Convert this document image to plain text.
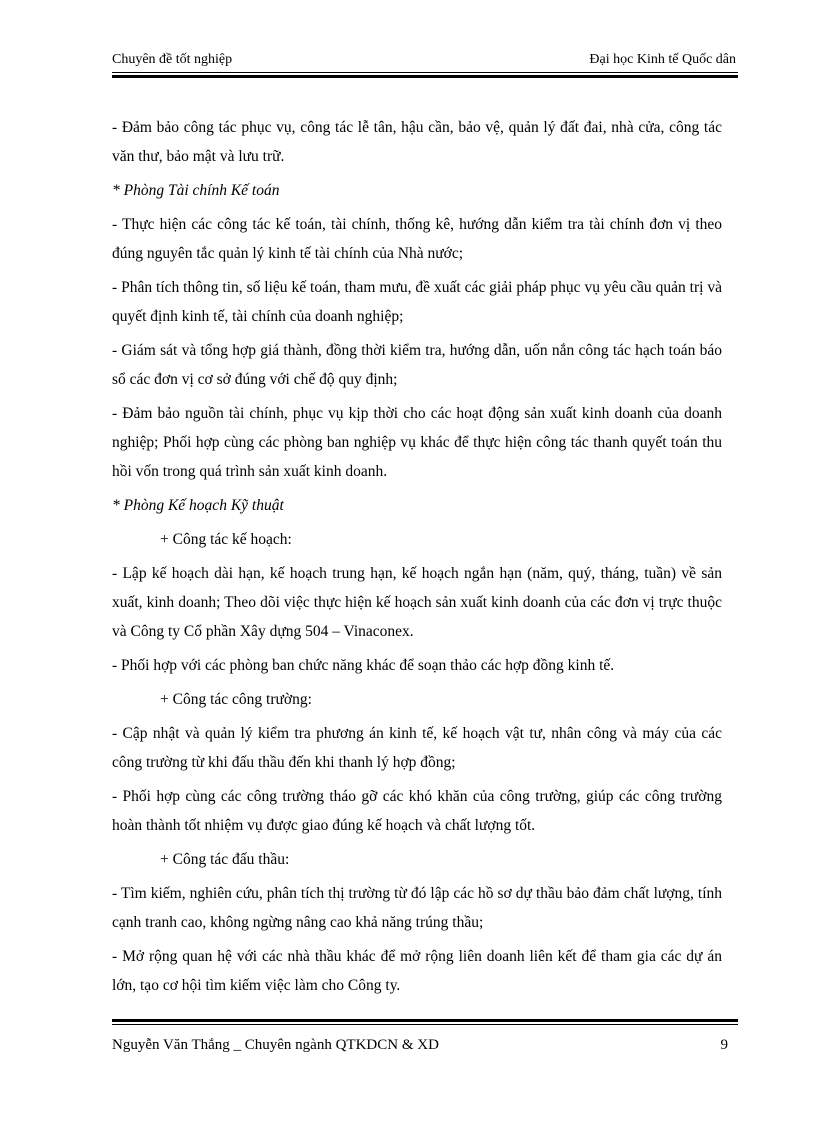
Chuyên đề tốt nghiệp	Đại học Kinh tế Quốc dân

- Đảm bảo công tác phục vụ, công tác lễ tân, hậu cần, bảo vệ, quản lý đất đai, nhà cửa, công tác văn thư, bảo mật và lưu trữ.

* Phòng Tài chính Kế toán

- Thực hiện các công tác kế toán, tài chính, thống kê, hướng dẫn kiểm tra tài chính đơn vị theo đúng nguyên tắc quản lý kinh tế tài chính của Nhà nước;

- Phân tích thông tin, số liệu kế toán, tham mưu, đề xuất các giải pháp phục vụ yêu cầu quản trị và quyết định kinh tế, tài chính của doanh nghiệp;

- Giám sát và tổng hợp giá thành, đồng thời kiểm tra, hướng dẫn, uốn nắn công tác hạch toán báo sổ các đơn vị cơ sở đúng với chế độ quy định;

- Đảm bảo nguồn tài chính, phục vụ kịp thời cho các hoạt động sản xuất kinh doanh của doanh nghiệp; Phối hợp cùng các phòng ban nghiệp vụ khác để thực hiện công tác thanh quyết toán thu hồi vốn trong quá trình sản xuất kinh doanh.

* Phòng Kế hoạch Kỹ thuật

+ Công tác kế hoạch:

- Lập kế hoạch dài hạn, kế hoạch trung hạn, kế hoạch ngắn hạn (năm, quý, tháng, tuần) về sản xuất, kinh doanh; Theo dõi việc thực hiện kế hoạch sản xuất kinh doanh của các đơn vị trực thuộc và Công ty Cổ phần Xây dựng 504 – Vinaconex.

- Phối hợp với các phòng ban chức năng khác để soạn thảo các hợp đồng kinh tế.

+ Công tác công trường:

- Cập nhật và quản lý kiểm tra phương án kinh tế, kế hoạch vật tư, nhân công và máy của các công trường từ khi đấu thầu đến khi thanh lý hợp đồng;

- Phối hợp cùng các công trường tháo gỡ các khó khăn của công trường, giúp các công trường hoàn thành tốt nhiệm vụ được giao đúng kế hoạch và chất lượng tốt.

+ Công tác đấu thầu:

- Tìm kiếm, nghiên cứu, phân tích thị trường từ đó lập các hồ sơ dự thầu bảo đảm chất lượng, tính cạnh tranh cao, không ngừng nâng cao khả năng trúng thầu;

- Mở rộng quan hệ với các nhà thầu khác để mở rộng liên doanh liên kết để tham gia các dự án lớn, tạo cơ hội tìm kiếm việc làm cho Công ty.

Nguyễn Văn Thắng _ Chuyên ngành QTKDCN & XD	9
